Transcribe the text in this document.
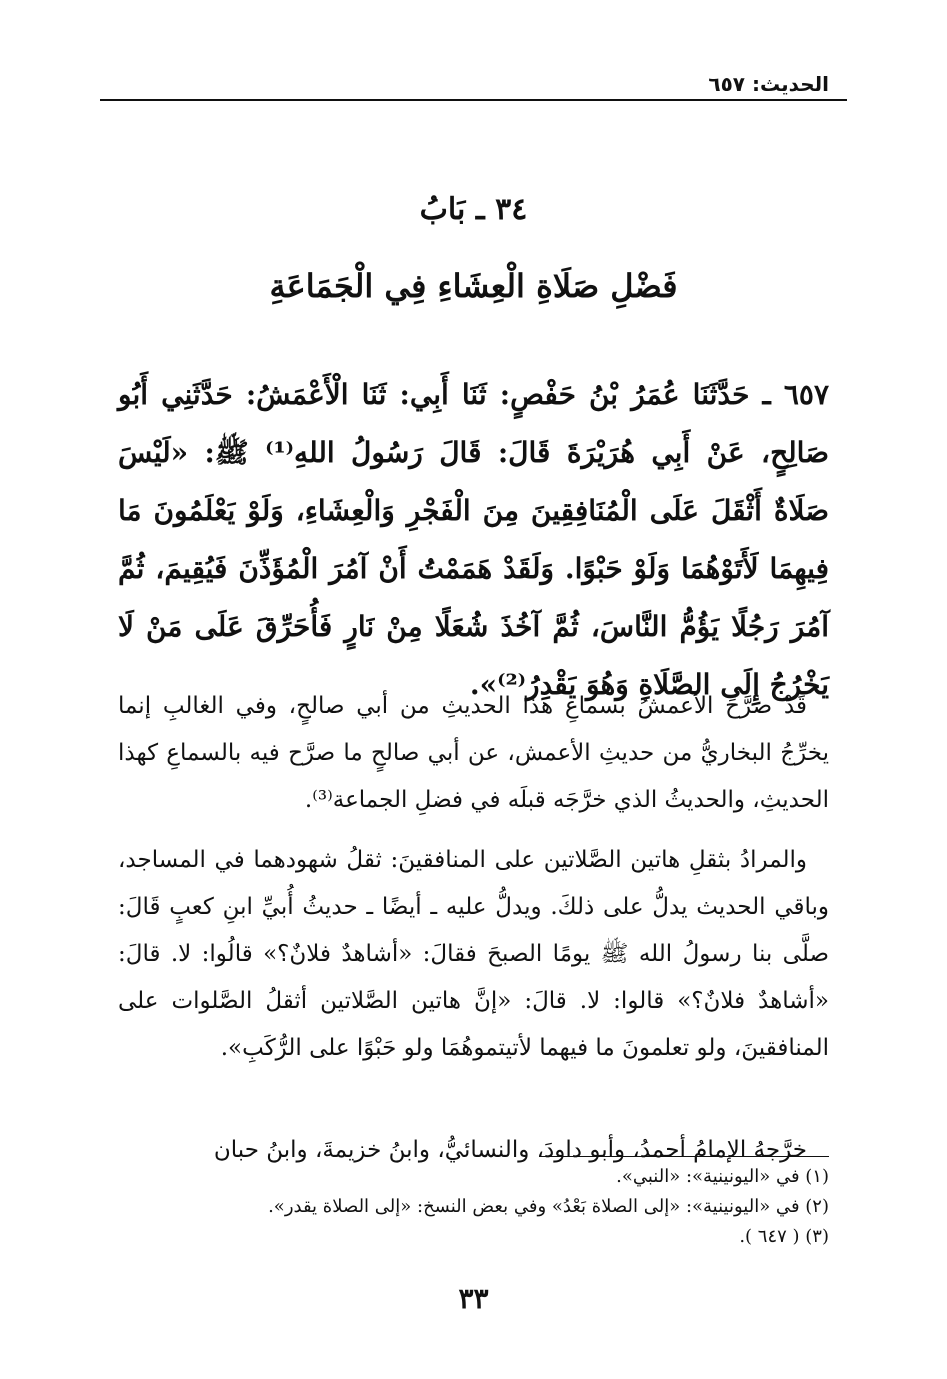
الحديث: ٦٥٧
٣٤ ـ بَابُ
فَضْلِ صَلَاةِ الْعِشَاءِ فِي الْجَمَاعَةِ

٦٥٧ ـ حَدَّثَنَا عُمَرُ بْنُ حَفْصٍ: ثَنَا أَبِي: ثَنَا الْأَعْمَشُ: حَدَّثَنِي أَبُو صَالِحٍ، عَنْ أَبِي هُرَيْرَةَ قَالَ: قَالَ رَسُولُ اللهِ⁽¹⁾ ﷺ: «لَيْسَ صَلَاةٌ أَثْقَلَ عَلَى الْمُنَافِقِينَ مِنَ الْفَجْرِ وَالْعِشَاءِ، وَلَوْ يَعْلَمُونَ مَا فِيهِمَا لَأَتَوْهُمَا وَلَوْ حَبْوًا. وَلَقَدْ هَمَمْتُ أَنْ آمُرَ الْمُؤَذِّنَ فَيُقِيمَ، ثُمَّ آمُرَ رَجُلًا يَؤُمُّ النَّاسَ، ثُمَّ آخُذَ شُعَلًا مِنْ نَارٍ فَأُحَرِّقَ عَلَى مَنْ لَا يَخْرُجُ إِلَى الصَّلَاةِ وَهُوَ يَقْدِرُ⁽²⁾».

قَدْ صرَّحَ الأعمشُ بسماعِ هذا الحديثِ من أبي صالحٍ، وفي الغالبِ إنما يخرِّجُ البخاريُّ من حديثِ الأعمش، عن أبي صالحٍ ما صرَّح فيه بالسماعِ كهذا الحديثِ، والحديثُ الذي خرَّجَه قبلَه في فضلِ الجماعة⁽³⁾.

والمرادُ بثقلِ هاتين الصَّلاتين على المنافقينَ: ثقلُ شهودهما في المساجد، وباقي الحديث يدلُّ على ذلكَ. ويدلُّ عليه ـ أيضًا ـ حديثُ أُبيِّ ابنِ كعبٍ قَالَ: صلَّى بنا رسولُ الله ﷺ يومًا الصبحَ فقالَ: «أشاهدٌ فلانٌ؟» قالُوا: لا. قالَ: «أشاهدٌ فلانٌ؟» قالوا: لا. قالَ: «إنَّ هاتين الصَّلاتين أثقلُ الصَّلوات على المنافقينَ، ولو تعلمونَ ما فيهما لأتيتموهُمَا ولو حَبْوًا على الرُّكَبِ».

خرَّجهُ الإمامُ أحمدُ، وأبو داودَ، والنسائيُّ، وابنُ خزيمةَ، وابنُ حبان

(١) في «اليونينية»: «النبي».

(٢) في «اليونينية»: «إلى الصلاة بَعْدُ» وفي بعض النسخ: «إلى الصلاة يقدر».

(٣) ( ٦٤٧ ).

٣٣
